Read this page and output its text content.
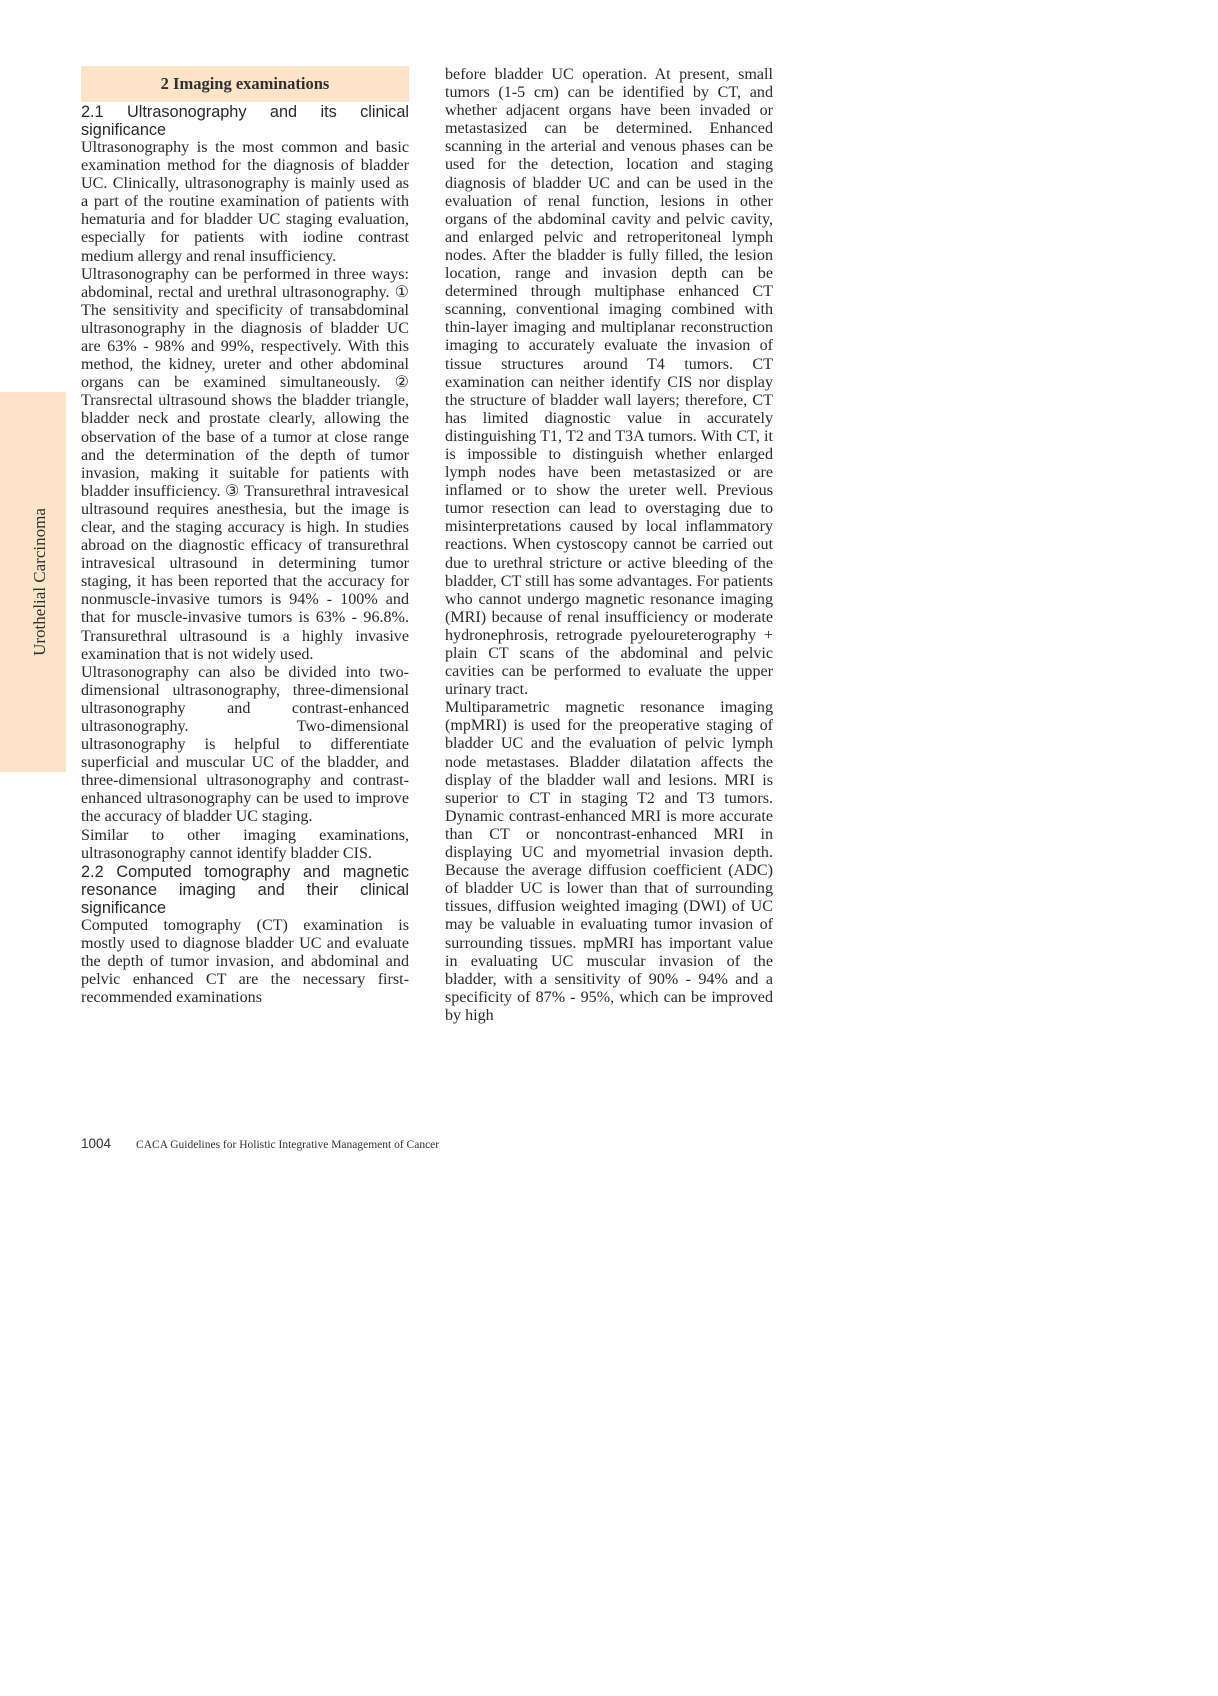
Urothelial Carcinoma
2 Imaging examinations
2.1 Ultrasonography and its clinical significance

Ultrasonography is the most common and basic examination method for the diagnosis of bladder UC. Clinically, ultrasonography is mainly used as a part of the routine examination of patients with hematuria and for bladder UC staging evaluation, especially for patients with iodine contrast medium allergy and renal insufficiency.

Ultrasonography can be performed in three ways: abdominal, rectal and urethral ultrasonography. ① The sensitivity and specificity of transabdominal ultrasonography in the diagnosis of bladder UC are 63% - 98% and 99%, respectively. With this method, the kidney, ureter and other abdominal organs can be examined simultaneously. ② Transrectal ultrasound shows the bladder triangle, bladder neck and prostate clearly, allowing the observation of the base of a tumor at close range and the determination of the depth of tumor invasion, making it suitable for patients with bladder insufficiency. ③ Transurethral intravesical ultrasound requires anesthesia, but the image is clear, and the staging accuracy is high. In studies abroad on the diagnostic efficacy of transurethral intravesical ultrasound in determining tumor staging, it has been reported that the accuracy for nonmuscle-invasive tumors is 94% - 100% and that for muscle-invasive tumors is 63% - 96.8%. Transurethral ultrasound is a highly invasive examination that is not widely used.

Ultrasonography can also be divided into two-dimensional ultrasonography, three-dimensional ultrasonography and contrast-enhanced ultrasonography. Two-dimensional ultrasonography is helpful to differentiate superficial and muscular UC of the bladder, and three-dimensional ultrasonography and contrast-enhanced ultrasonography can be used to improve the accuracy of bladder UC staging.

Similar to other imaging examinations, ultrasonography cannot identify bladder CIS.

2.2 Computed tomography and magnetic resonance imaging and their clinical significance

Computed tomography (CT) examination is mostly used to diagnose bladder UC and evaluate the depth of tumor invasion, and abdominal and pelvic enhanced CT are the necessary first-recommended examinations

before bladder UC operation. At present, small tumors (1-5 cm) can be identified by CT, and whether adjacent organs have been invaded or metastasized can be determined. Enhanced scanning in the arterial and venous phases can be used for the detection, location and staging diagnosis of bladder UC and can be used in the evaluation of renal function, lesions in other organs of the abdominal cavity and pelvic cavity, and enlarged pelvic and retroperitoneal lymph nodes. After the bladder is fully filled, the lesion location, range and invasion depth can be determined through multiphase enhanced CT scanning, conventional imaging combined with thin-layer imaging and multiplanar reconstruction imaging to accurately evaluate the invasion of tissue structures around T4 tumors. CT examination can neither identify CIS nor display the structure of bladder wall layers; therefore, CT has limited diagnostic value in accurately distinguishing T1, T2 and T3A tumors. With CT, it is impossible to distinguish whether enlarged lymph nodes have been metastasized or are inflamed or to show the ureter well. Previous tumor resection can lead to overstaging due to misinterpretations caused by local inflammatory reactions. When cystoscopy cannot be carried out due to urethral stricture or active bleeding of the bladder, CT still has some advantages. For patients who cannot undergo magnetic resonance imaging (MRI) because of renal insufficiency or moderate hydronephrosis, retrograde pyeloureterography + plain CT scans of the abdominal and pelvic cavities can be performed to evaluate the upper urinary tract.

Multiparametric magnetic resonance imaging (mpMRI) is used for the preoperative staging of bladder UC and the evaluation of pelvic lymph node metastases. Bladder dilatation affects the display of the bladder wall and lesions. MRI is superior to CT in staging T2 and T3 tumors. Dynamic contrast-enhanced MRI is more accurate than CT or noncontrast-enhanced MRI in displaying UC and myometrial invasion depth. Because the average diffusion coefficient (ADC) of bladder UC is lower than that of surrounding tissues, diffusion weighted imaging (DWI) of UC may be valuable in evaluating tumor invasion of surrounding tissues. mpMRI has important value in evaluating UC muscular invasion of the bladder, with a sensitivity of 90% - 94% and a specificity of 87% - 95%, which can be improved by high

1004 CACA Guidelines for Holistic Integrative Management of Cancer
